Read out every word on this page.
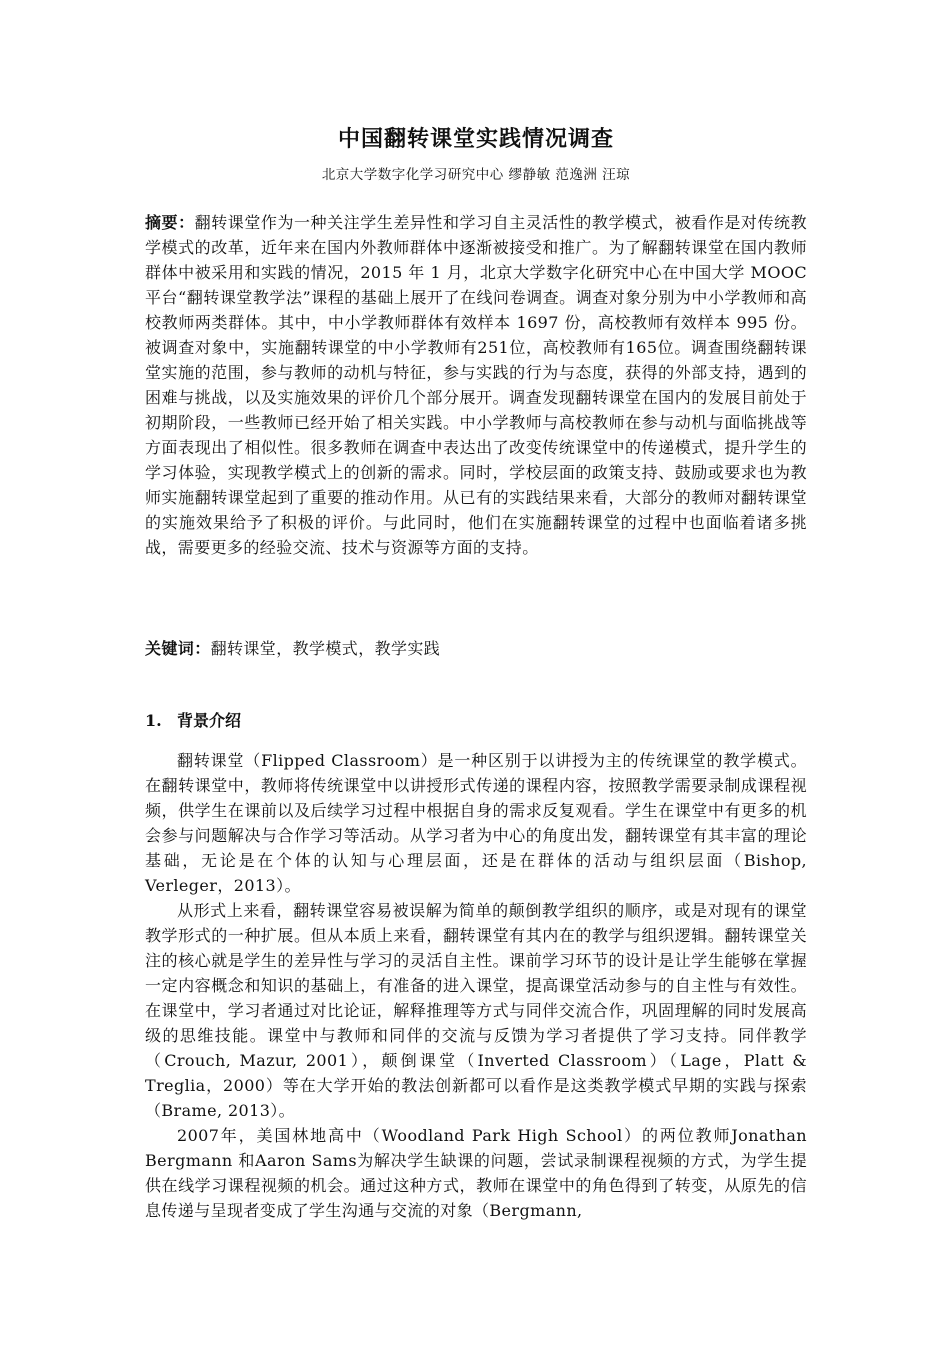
中国翻转课堂实践情况调查

北京大学数字化学习研究中心 缪静敏 范逸洲 汪琼

摘要：翻转课堂作为一种关注学生差异性和学习自主灵活性的教学模式，被看作是对传统教学模式的改革，近年来在国内外教师群体中逐渐被接受和推广。为了解翻转课堂在国内教师群体中被采用和实践的情况，2015 年 1 月，北京大学数字化研究中心在中国大学 MOOC 平台“翻转课堂教学法”课程的基础上展开了在线问卷调查。调查对象分别为中小学教师和高校教师两类群体。其中，中小学教师群体有效样本 1697 份，高校教师有效样本 995 份。被调查对象中，实施翻转课堂的中小学教师有251位，高校教师有165位。调查围绕翻转课堂实施的范围，参与教师的动机与特征，参与实践的行为与态度，获得的外部支持，遇到的困难与挑战，以及实施效果的评价几个部分展开。调查发现翻转课堂在国内的发展目前处于初期阶段，一些教师已经开始了相关实践。中小学教师与高校教师在参与动机与面临挑战等方面表现出了相似性。很多教师在调查中表达出了改变传统课堂中的传递模式，提升学生的学习体验，实现教学模式上的创新的需求。同时，学校层面的政策支持、鼓励或要求也为教师实施翻转课堂起到了重要的推动作用。从已有的实践结果来看，大部分的教师对翻转课堂的实施效果给予了积极的评价。与此同时，他们在实施翻转课堂的过程中也面临着诸多挑战，需要更多的经验交流、技术与资源等方面的支持。

关键词：翻转课堂，教学模式，教学实践

1. 背景介绍

翻转课堂（Flipped Classroom）是一种区别于以讲授为主的传统课堂的教学模式。在翻转课堂中，教师将传统课堂中以讲授形式传递的课程内容，按照教学需要录制成课程视频，供学生在课前以及后续学习过程中根据自身的需求反复观看。学生在课堂中有更多的机会参与问题解决与合作学习等活动。从学习者为中心的角度出发，翻转课堂有其丰富的理论基础，无论是在个体的认知与心理层面，还是在群体的活动与组织层面（Bishop, Verleger，2013）。

从形式上来看，翻转课堂容易被误解为简单的颠倒教学组织的顺序，或是对现有的课堂教学形式的一种扩展。但从本质上来看，翻转课堂有其内在的教学与组织逻辑。翻转课堂关注的核心就是学生的差异性与学习的灵活自主性。课前学习环节的设计是让学生能够在掌握一定内容概念和知识的基础上，有准备的进入课堂，提高课堂活动参与的自主性与有效性。在课堂中，学习者通过对比论证，解释推理等方式与同伴交流合作，巩固理解的同时发展高级的思维技能。课堂中与教师和同伴的交流与反馈为学习者提供了学习支持。同伴教学（Crouch, Mazur, 2001），颠倒课堂（Inverted Classroom）（Lage，Platt & Treglia，2000）等在大学开始的教法创新都可以看作是这类教学模式早期的实践与探索（Brame, 2013）。

2007年，美国林地高中（Woodland Park High School）的两位教师Jonathan Bergmann 和Aaron Sams为解决学生缺课的问题，尝试录制课程视频的方式，为学生提供在线学习课程视频的机会。通过这种方式，教师在课堂中的角色得到了转变，从原先的信息传递与呈现者变成了学生沟通与交流的对象（Bergmann,
